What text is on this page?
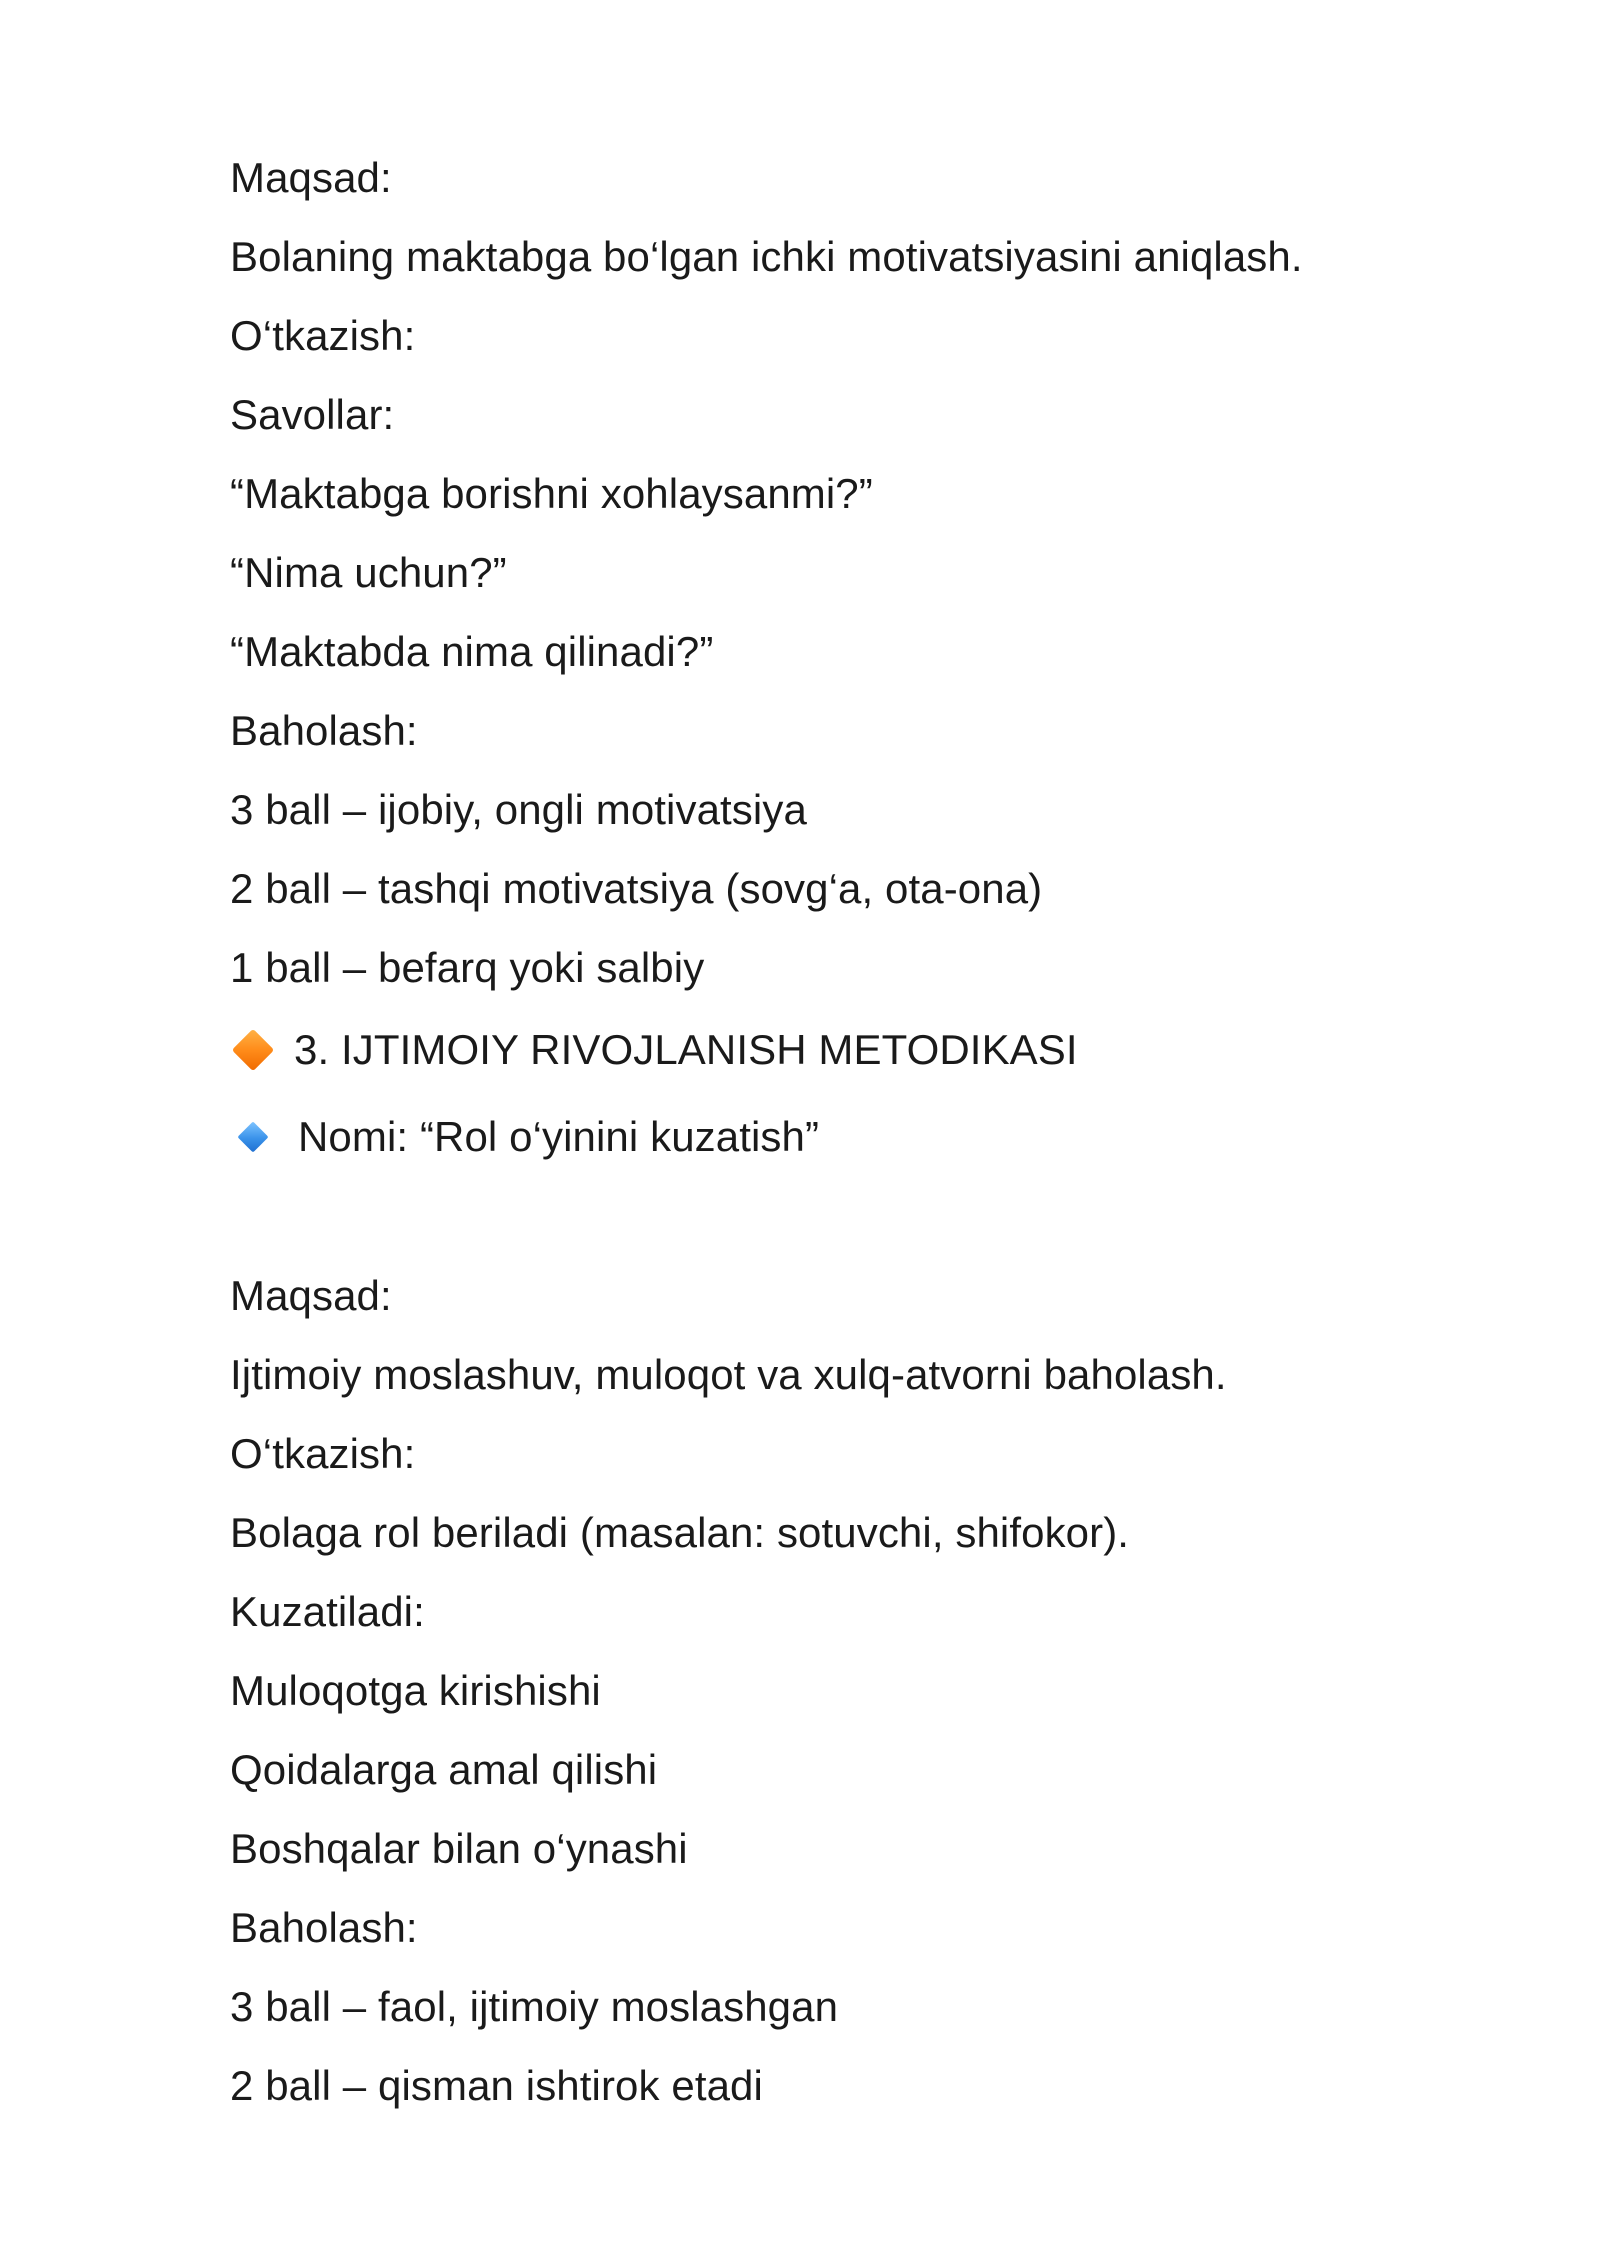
Maqsad:
Bolaning maktabga bo‘lgan ichki motivatsiyasini aniqlash.
O‘tkazish:
Savollar:
“Maktabga borishni xohlaysanmi?”
“Nima uchun?”
“Maktabda nima qilinadi?”
Baholash:
3 ball – ijobiy, ongli motivatsiya
2 ball – tashqi motivatsiya (sovg‘a, ota-ona)
1 ball – befarq yoki salbiy
3. IJTIMOIY RIVOJLANISH METODIKASI
Nomi: “Rol o‘yinini kuzatish”
Maqsad:
Ijtimoiy moslashuv, muloqot va xulq-atvorni baholash.
O‘tkazish:
Bolaga rol beriladi (masalan: sotuvchi, shifokor).
Kuzatiladi:
Muloqotga kirishishi
Qoidalarga amal qilishi
Boshqalar bilan o‘ynashi
Baholash:
3 ball – faol, ijtimoiy moslashgan
2 ball – qisman ishtirok etadi
